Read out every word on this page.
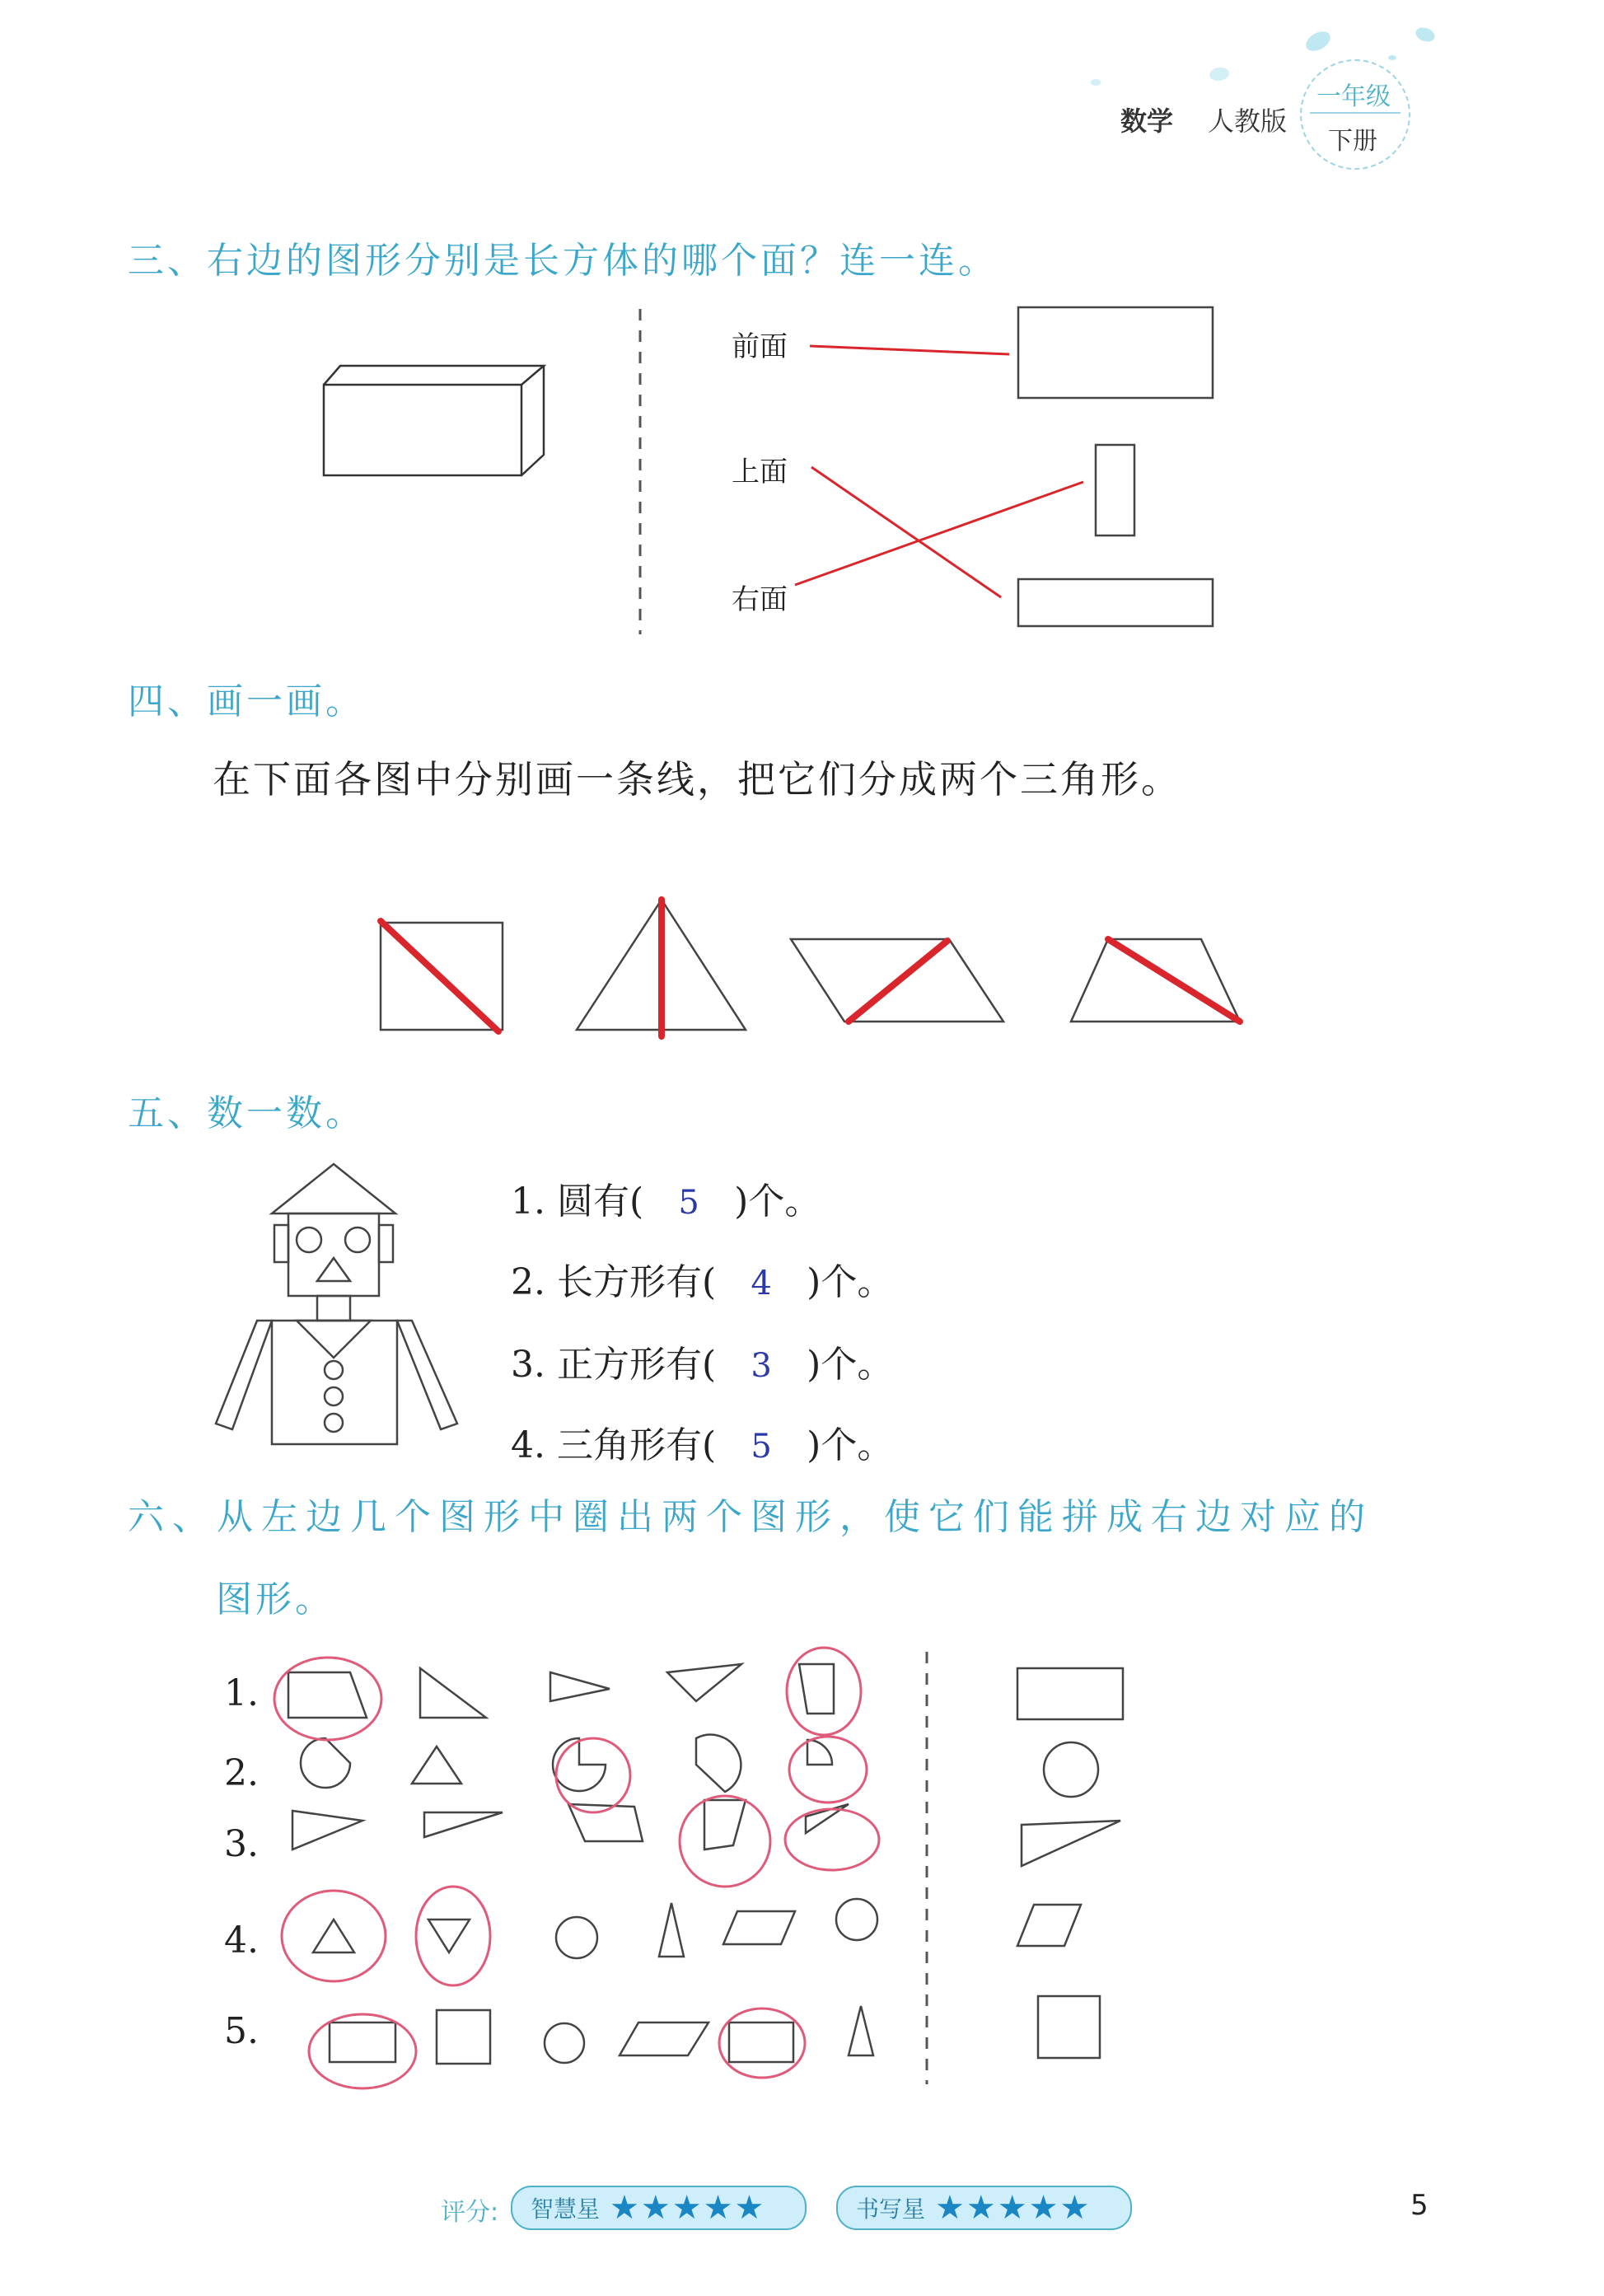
数学 人教版
一年级
下册
三、右边的图形分别是长方体的哪个面？连一连。
前面
上面
右面
四、画一画。
在下面各图中分别画一条线，把它们分成两个三角形。
五、数一数。
1. 圆有( 5 )个。
2. 长方形有( 4 )个。
3. 正方形有( 3 )个。
4. 三角形有( 5 )个。
六、从左边几个图形中圈出两个图形，使它们能拼成右边对应的
图形。
1.
2.
3.
4.
5.
评分: 智慧星 ★★★★★	书写星 ★★★★★	5
